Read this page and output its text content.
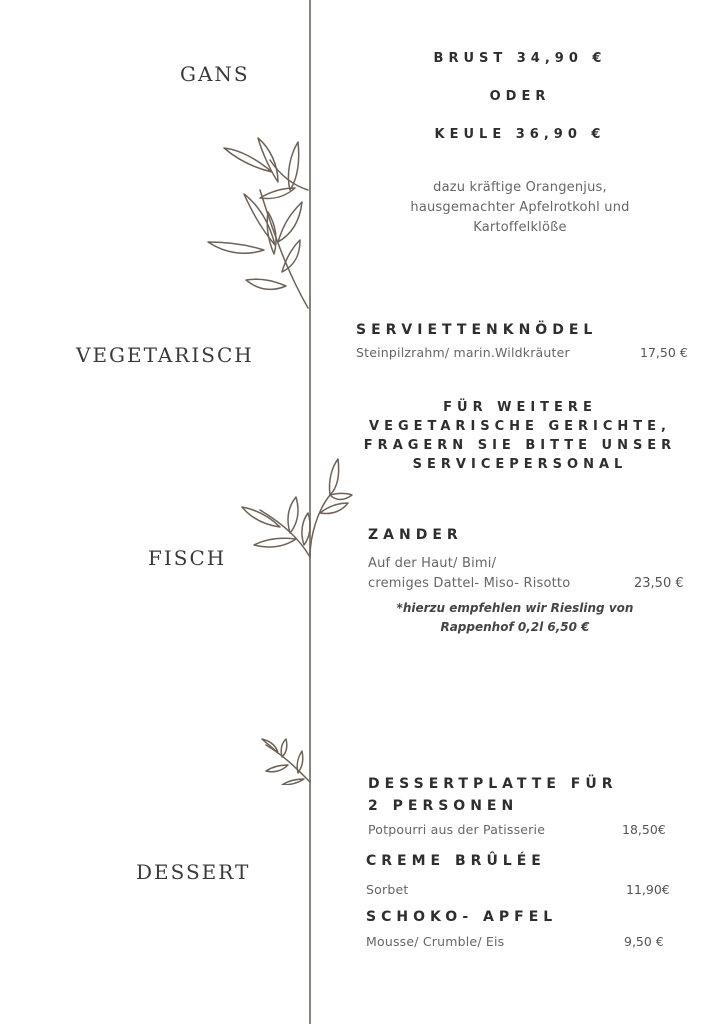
GANS
VEGETARISCH
FISCH
DESSERT
BRUST 34,90 €
ODER
KEULE 36,90 €
dazu kräftige Orangenjus,
hausgemachter Apfelrotkohl und
Kartoffelklöße
SERVIETTENKNÖDEL
Steinpilzrahm/ marin.Wildkräuter	17,50 €
FÜR WEITERE
VEGETARISCHE GERICHTE,
FRAGERN SIE BITTE UNSER
SERVICEPERSONAL
ZANDER
Auf der Haut/ Bimi/
cremiges Dattel- Miso- Risotto	23,50 €
*hierzu empfehlen wir Riesling von
Rappenhof 0,2l 6,50 €
DESSERTPLATTE FÜR
2 PERSONEN
Potpourri aus der Patisserie	18,50€
CREME BRÛLÉE
Sorbet	11,90€
SCHOKO- APFEL
Mousse/ Crumble/ Eis	9,50 €
